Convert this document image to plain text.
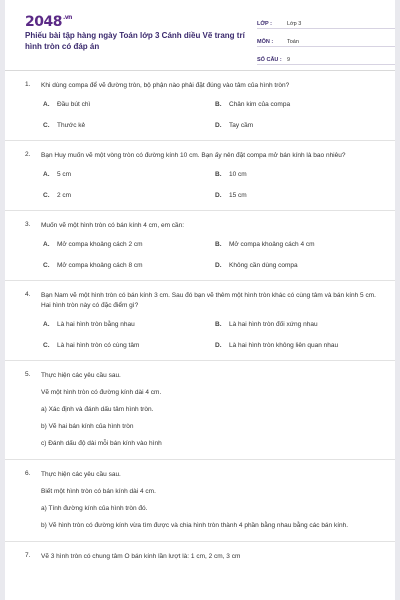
$2048^{.vn}$
Phiếu bài tập hàng ngày Toán lớp 3 Cánh diều Vẽ trang trí hình tròn có đáp án
LỚP :	Lớp 3
MÔN :	Toán
SỐ CÂU : 9
1. Khi dùng compa để vẽ đường tròn, bộ phận nào phải đặt đúng vào tâm của hình tròn?
A.	Đầu bút chì	B.	Chân kim của compa
C.	Thước kẻ	D.	Tay cầm
2. Bạn Huy muốn vẽ một vòng tròn có đường kính 10 cm. Bạn ấy nên đặt compa mở bán kính là bao nhiêu?
A.	5 cm	B.	10 cm
C.	2 cm	D.	15 cm
3. Muốn vẽ một hình tròn có bán kính 4 cm, em cần:
A.	Mở compa khoảng cách 2 cm	B.	Mở compa khoảng cách 4 cm
C.	Mở compa khoảng cách 8 cm	D.	Không cần dùng compa
4. Bạn Nam vẽ một hình tròn có bán kính 3 cm. Sau đó bạn vẽ thêm một hình tròn khác có cùng tâm và bán kính 5 cm. Hai hình tròn này có đặc điểm gì?
A.	Là hai hình tròn bằng nhau	B.	Là hai hình tròn đối xứng nhau
C.	Là hai hình tròn có cùng tâm	D.	Là hai hình tròn không liên quan nhau
5. Thực hiện các yêu cầu sau.
Vẽ một hình tròn có đường kính dài 4 cm.
a) Xác định và đánh dấu tâm hình tròn.
b) Vẽ hai bán kính của hình tròn
c) Đánh dấu độ dài mỗi bán kính vào hình
6. Thực hiện các yêu cầu sau.
Biết một hình tròn có bán kính dài 4 cm.
a) Tính đường kính của hình tròn đó.
b) Vẽ hình tròn có đường kính vừa tìm được và chia hình tròn thành 4 phần bằng nhau bằng các bán kính.
7. Vẽ 3 hình tròn có chung tâm O bán kính lần lượt là: 1 cm, 2 cm, 3 cm
